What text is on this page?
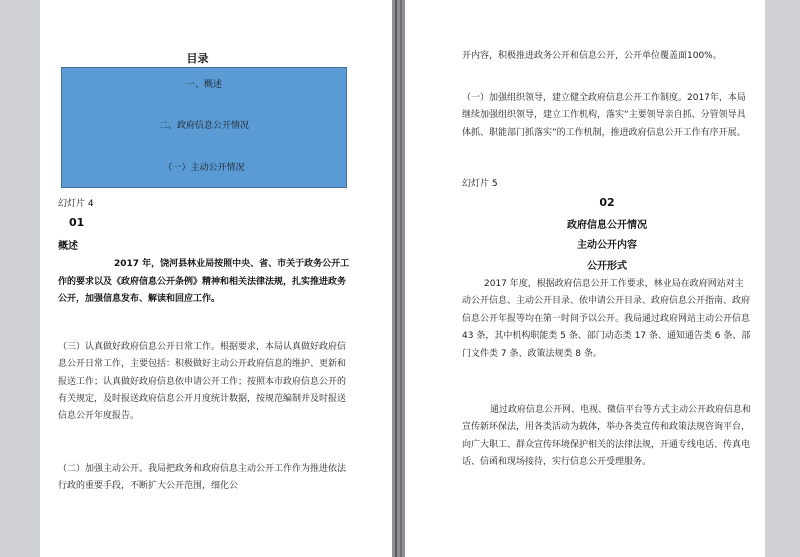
目录
一、概述
二、政府信息公开情况
（一）主动公开情况
幻灯片 4
01
概述

2017 年，饶河县林业局按照中央、省、市关于政务公开工作的要求以及《政府信息公开条例》精神和相关法律法规，扎实推进政务公开，加强信息发布、解读和回应工作。

（三）认真做好政府信息公开日常工作。根据要求，本局认真做好政府信息公开日常工作，主要包括：积极做好主动公开政府信息的维护、更新和报送工作；认真做好政府信息依申请公开工作；按照本市政府信息公开的有关规定，及时报送政府信息公开月度统计数据，按规范编制并及时报送信息公开年度报告。

（二）加强主动公开。我局把政务和政府信息主动公开工作作为推进依法行政的重要手段，不断扩大公开范围，细化公

开内容，积极推进政务公开和信息公开，公开单位覆盖面100%。

（一）加强组织领导，建立健全政府信息公开工作制度。2017年，本局继续加强组织领导，建立工作机构，落实“主要领导亲自抓、分管领导具体抓、职能部门抓落实”的工作机制，推进政府信息公开工作有序开展。

幻灯片 5
02
政府信息公开情况
主动公开内容
公开形式

2017 年度，根据政府信息公开工作要求，林业局在政府网站对主动公开信息、主动公开目录、依申请公开目录、政府信息公开指南、政府信息公开年报等均在第一时间予以公开。我局通过政府网站主动公开信息 43 条，其中机构职能类 5 条、部门动态类 17 条、通知通告类 6 条、部门文件类 7 条、政策法规类 8 条。

通过政府信息公开网、电视、微信平台等方式主动公开政府信息和宣传新环保法，用各类活动为载体，举办各类宣传和政策法规咨询平台，向广大职工、群众宣传环境保护相关的法律法规，开通专线电话、传真电话、信函和现场接待，实行信息公开受理服务。
